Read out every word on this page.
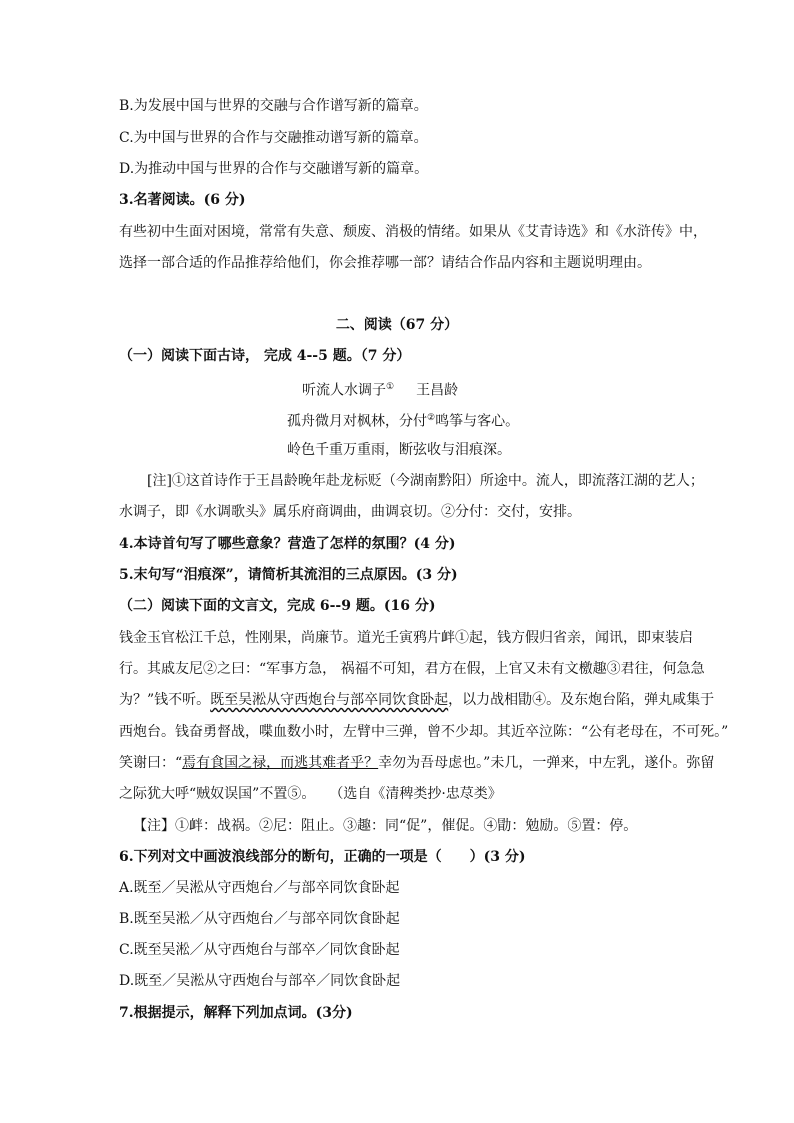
B.为发展中国与世界的交融与合作谱写新的篇章。
C.为中国与世界的合作与交融推动谱写新的篇章。
D.为推动中国与世界的合作与交融谱写新的篇章。
3.名著阅读。(6 分)
有些初中生面对困境，常常有失意、颓废、消极的情绪。如果从《艾青诗选》和《水浒传》中，
选择一部合适的作品推荐给他们，你会推荐哪一部？请结合作品内容和主题说明理由。
二、阅读（67 分）
（一）阅读下面古诗， 完成 4--5 题。（7 分）
听流人水调子① 王昌龄
孤舟微月对枫林，分付②鸣筝与客心。
岭色千重万重雨，断弦收与泪痕深。
[注]①这首诗作于王昌龄晚年赴龙标贬（今湖南黔阳）所途中。流人，即流落江湖的艺人；
水调子，即《水调歌头》属乐府商调曲，曲调哀切。②分付：交付，安排。
4.本诗首句写了哪些意象？营造了怎样的氛围？(4 分)
5.末句写“泪痕深”，请简析其流泪的三点原因。(3 分)
（二）阅读下面的文言文，完成 6--9 题。(16 分)
钱金玉官松江千总，性刚果，尚廉节。道光壬寅鸦片衅①起，钱方假归省亲，闻讯，即束装启
行。其戚友尼②之曰：“军事方急， 祸福不可知，君方在假，上官又未有文檄趣③君往，何急急
为？”钱不听。既至吴淞从守西炮台与部卒同饮食卧起，以力战相勖④。及东炮台陷，弹丸咸集于
西炮台。钱奋勇督战，喋血数小时，左臂中三弹，曾不少却。其近卒泣陈：“公有老母在，不可死。”
笑谢曰：“焉有食国之禄，而逃其难者乎？幸勿为吾母虑也。”未几，一弹来，中左乳，遂仆。弥留
之际犹大呼“贼奴误国”不置⑤。　　（选自《清稗类抄·忠荩类》
【注】①衅：战祸。②尼：阻止。③趣：同“促”，催促。④勖：勉励。⑤置：停。
6.下列对文中画波浪线部分的断句，正确的一项是（　　）(3 分)
A.既至／吴淞从守西炮台／与部卒同饮食卧起
B.既至吴淞／从守西炮台／与部卒同饮食卧起
C.既至吴淞／从守西炮台与部卒／同饮食卧起
D.既至／吴淞从守西炮台与部卒／同饮食卧起
7.根据提示，解释下列加点词。(3分)
